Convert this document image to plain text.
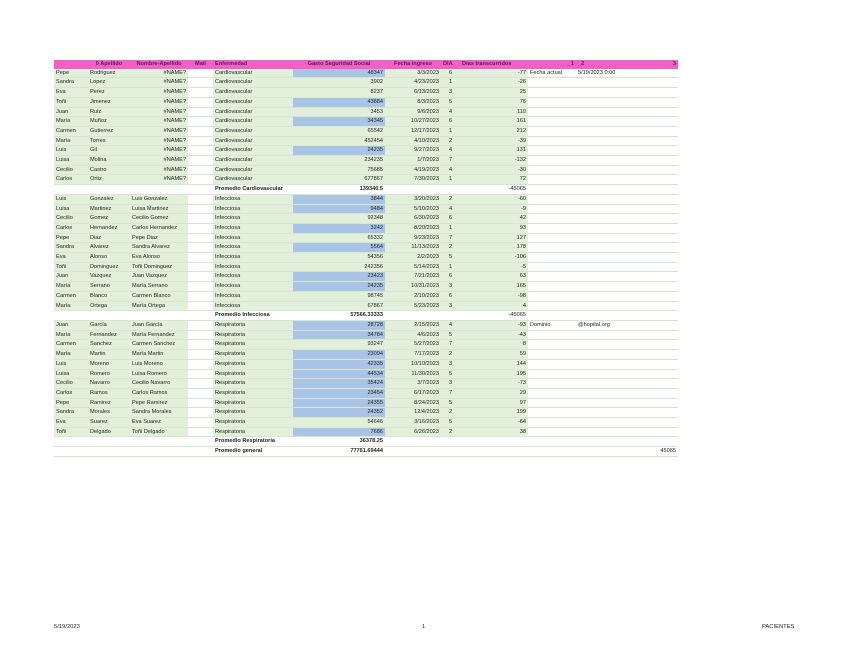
	0 Apellido	Nombre-Apellido	Mail	Enfermedad	Gasto Seguridad Social	Fecha ingreso	DIA	Días transcurridos	_1	_2	3
Pepe	Rodriguez	#NAME?		Cardiovascular	48347	3/3/2023	6	-77	Fecha actual	5/19/2023 0:00	
Sandra	Lopez	#NAME?		Cardiovascular	3902	4/23/2023	1	-26			
Eva	Perez	#NAME?		Cardiovascular	8237	6/13/2023	3	25			
Toñi	Jimenez	#NAME?		Cardiovascular	43884	8/3/2023	5	76			
Juan	Ruiz	#NAME?		Cardiovascular	3453	9/6/2023	4	110			
María	Muñoz	#NAME?		Cardiovascular	34345	10/27/2023	6	161			
Carmen	Gutierrez	#NAME?		Cardiovascular	65542	12/17/2023	1	212			
María	Torres	#NAME?		Cardiovascular	452454	4/10/2023	2	-39			
Luis	Gil	#NAME?		Cardiovascular	24235	9/27/2023	4	131			
Luisa	Molina	#NAME?		Cardiovascular	234235	1/7/2023	7	-132			
Cecilio	Castro	#NAME?		Cardiovascular	75685	4/19/2023	4	-30			
Carlos	Ortiz	#NAME?		Cardiovascular	677867	7/30/2023	1	72			
				Promedio Cardiovascular	139340.5			-45065			
Luis	Gonzalez	Luis Gonzalez		Infecciosa	3844	3/20/2023	2	-60			
Luisa	Martinez	Luisa Martinez		Infecciosa	9484	5/10/2023	4	-9			
Cecilio	Gomez	Cecilio Gomez		Infecciosa	92348	6/30/2023	6	42			
Carlos	Hernandez	Carlos Hernandez		Infecciosa	3242	8/20/2023	1	93			
Pepe	Diaz	Pepe Diaz		Infecciosa	65332	9/23/2023	7	127			
Sandra	Alvarez	Sandra Alvarez		Infecciosa	5564	11/13/2023	2	178			
Eva	Alonso	Eva Alonso		Infecciosa	54356	2/2/2023	5	-106			
Toñi	Dominguez	Toñi Dominguez		Infecciosa	242356	5/14/2023	1	-5			
Juan	Vazquez	Juan Vazquez		Infecciosa	23423	7/21/2023	6	63			
María	Serrano	María Serrano		Infecciosa	24235	10/31/2023	3	165			
Carmen	Blanco	Carmen Blanco		Infecciosa	98745	2/10/2023	6	-98			
María	Ortega	María Ortega		Infecciosa	67867	5/23/2023	3	4			
				Promedio Infecciosa	57566.33333			-45065			
Juan	García	Juan García		Respiratoria	28728	2/15/2023	4	-93	Dominio	@hopital.org	
María	Fernandez	María Fernandez		Respiratoria	34784	4/6/2023	5	-43			
Carmen	Sanchez	Carmen Sanchez		Respiratoria	93247	5/27/2023	7	8			
María	Martin	María Martin		Respiratoria	23094	7/17/2023	2	59			
Luis	Moreno	Luis Moreno		Respiratoria	42335	10/10/2023	3	144			
Luisa	Romero	Luisa Romero		Respiratoria	44534	11/30/2023	5	195			
Cecilio	Navarro	Cecilio Navarro		Respiratoria	35424	3/7/2023	3	-73			
Carlos	Ramos	Carlos Ramos		Respiratoria	23454	6/17/2023	7	29			
Pepe	Ramirez	Pepe Ramirez		Respiratoria	24355	8/24/2023	5	97			
Sandra	Morales	Sandra Morales		Respiratoria	24352	12/4/2023	2	199			
Eva	Suarez	Eva Suarez		Respiratoria	54646	3/16/2023	5	-64			
Toñi	Delgado	Toñi Delgado		Respiratoria	7686	6/26/2023	2	38			
				Promedio Respiratoria	36378.25						
				Promedio general	77761.69444						45065
5/19/2023	1	PACIENTES
